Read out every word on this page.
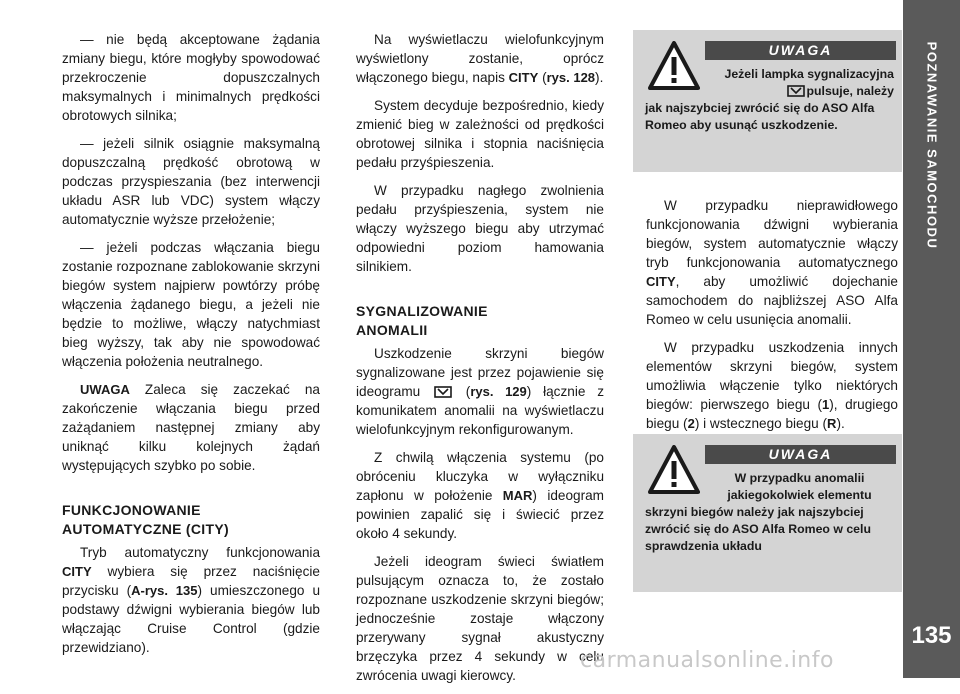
— nie będą akceptowane żądania zmiany biegu, które mogłyby spowodować przekroczenie dopuszczalnych maksymalnych i minimalnych prędkości obrotowych silnika;

— jeżeli silnik osiągnie maksymalną dopuszczalną prędkość obrotową w podczas przyspieszania (bez interwencji układu ASR lub VDC) system włączy automatycznie wyższe przełożenie;

— jeżeli podczas włączania biegu zostanie rozpoznane zablokowanie skrzyni biegów system najpierw powtórzy próbę włączenia żądanego biegu, a jeżeli nie będzie to możliwe, włączy natychmiast bieg wyższy, tak aby nie spowodować włączenia położenia neutralnego.

UWAGA Zaleca się zaczekać na zakończenie włączania biegu przed zażądaniem następnej zmiany aby uniknąć kilku kolejnych żądań występujących szybko po sobie.

FUNKCJONOWANIE
AUTOMATYCZNE (CITY)

Tryb automatyczny funkcjonowania CITY wybiera się przez naciśnięcie przycisku (A-rys. 135) umieszczonego u podstawy dźwigni wybierania biegów lub włączając Cruise Control (gdzie przewidziano).

Na wyświetlaczu wielofunkcyjnym wyświetlony zostanie, oprócz włączonego biegu, napis CITY (rys. 128).

System decyduje bezpośrednio, kiedy zmienić bieg w zależności od prędkości obrotowej silnika i stopnia naciśnięcia pedału przyśpieszenia.

W przypadku nagłego zwolnienia pedału przyśpieszenia, system nie włączy wyższego biegu aby utrzymać odpowiedni poziom hamowania silnikiem.

SYGNALIZOWANIE
ANOMALII

Uszkodzenie skrzyni biegów sygnalizowane jest przez pojawienie się ideogramu  (rys. 129) łącznie z komunikatem anomalii na wyświetlaczu wielofunkcyjnym rekonfigurowanym.

Z chwilą włączenia systemu (po obróceniu kluczyka w wyłączniku zapłonu w położenie MAR) ideogram powinien zapalić się i świecić przez około 4 sekundy.

Jeżeli ideogram świeci światłem pulsującym oznacza to, że zostało rozpoznane uszkodzenie skrzyni biegów; jednocześnie zostaje włączony przerywany sygnał akustyczny brzęczyka przez 4 sekundy w celu zwrócenia uwagi kierowcy.

UWAGA
Jeżeli lampka sygnalizacyjna
pulsuje, należy
jak najszybciej zwrócić się do ASO Alfa Romeo aby usunąć uszkodzenie.

W przypadku nieprawidłowego funkcjonowania dźwigni wybierania biegów, system automatycznie włączy tryb funkcjonowania automatycznego CITY, aby umożliwić dojechanie samochodem do najbliższej ASO Alfa Romeo w celu usunięcia anomalii.

W przypadku uszkodzenia innych elementów skrzyni biegów, system umożliwia włączenie tylko niektórych biegów: pierwszego biegu (1), drugiego biegu (2) i wstecznego biegu (R).

UWAGA
W przypadku anomalii jakiegokolwiek elementu
skrzyni biegów należy jak najszybciej zwrócić się do ASO Alfa Romeo w celu sprawdzenia układu
POZNAWANIE SAMOCHODU
135
carmanualsonline.info
